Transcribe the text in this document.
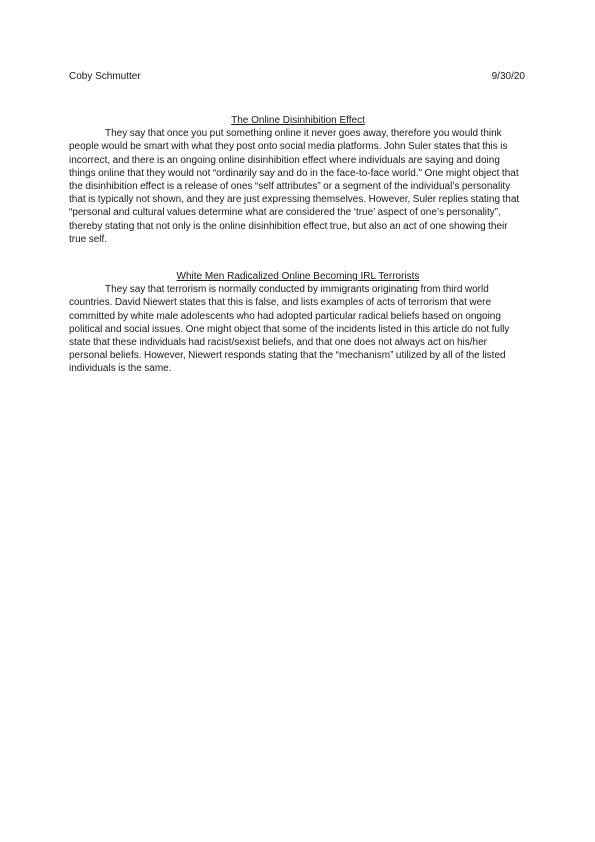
Coby Schmutter	9/30/20
The Online Disinhibition Effect

They say that once you put something online it never goes away, therefore you would think people would be smart with what they post onto social media platforms. John Suler states that this is incorrect, and there is an ongoing online disinhibition effect where individuals are saying and doing things online that they would not “ordinarily say and do in the face-to-face world.” One might object that the disinhibition effect is a release of ones “self attributes” or a segment of the individual’s personality that is typically not shown, and they are just expressing themselves. However, Suler replies stating that “personal and cultural values determine what are considered the ‘true’ aspect of one’s personality”, thereby stating that not only is the online disinhibition effect true, but also an act of one showing their true self.

White Men Radicalized Online Becoming IRL Terrorists

They say that terrorism is normally conducted by immigrants originating from third world countries. David Niewert states that this is false, and lists examples of acts of terrorism that were committed by white male adolescents who had adopted particular radical beliefs based on ongoing political and social issues. One might object that some of the incidents listed in this article do not fully state that these individuals had racist/sexist beliefs, and that one does not always act on his/her personal beliefs. However, Niewert responds stating that the “mechanism” utilized by all of the listed individuals is the same.
